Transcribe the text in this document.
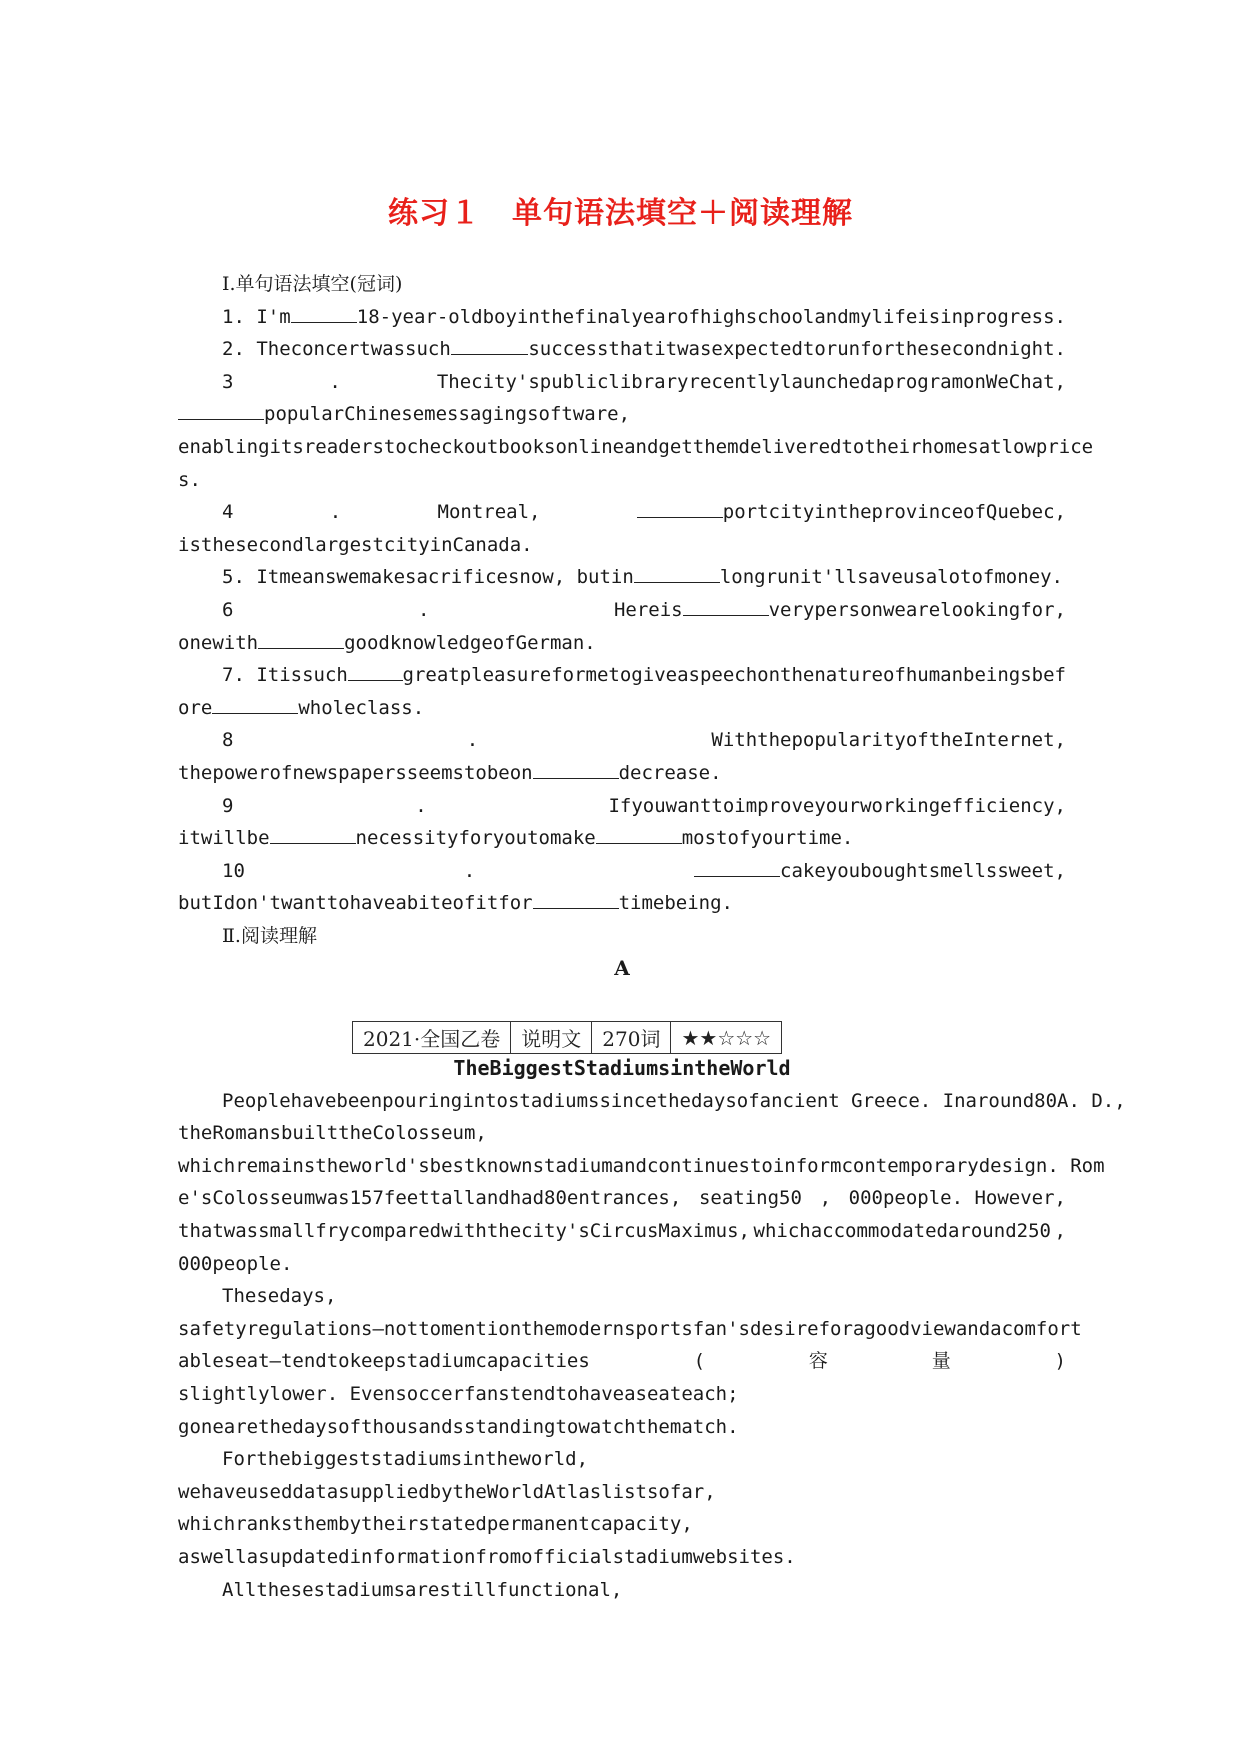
练习１　单句语法填空＋阅读理解
Ⅰ.单句语法填空(冠词)
1. I'm	18-year-oldboyinthefinalyearofhighschoolandmylifeisinprogress.
2. Theconcertwassuch	successthatitwasexpectedtorunforthesecondnight.
3	.	Thecity'spubliclibraryrecentlylaunchedaprogramonWeChat,
popularChinesemessagingsoftware,
enablingitsreaderstocheckoutbooksonlineandgetthemdeliveredtotheirhomesatlowprice
s.
4	.	Montreal,	portcityintheprovinceofQuebec,
isthesecondlargestcityinCanada.
5. Itmeanswemakesacrificesnow, butin	longrunit'llsaveusalotofmoney.
6	.	Hereis	verypersonwearelookingfor,
onewith	goodknowledgeofGerman.
7. Itissuch	greatpleasureformetogiveaspeechonthenatureofhumanbeingsbef
ore	wholeclass.
8	.	WiththepopularityoftheInternet,
thepowerofnewspapersseemstobeon	decrease.
9	.	Ifyouwanttoimproveyourworkingefficiency,
itwillbe	necessityforyoutomake	mostofyourtime.
10	.	cakeyouboughtsmellssweet,
butIdon'twanttohaveabiteofitfor	timebeing.
Ⅱ.阅读理解
A
2021·全国乙卷	说明文	270词	★★☆☆☆
TheBiggestStadiumsintheWorld
Peoplehavebeenpouringintostadiumssincethedaysofancient Greece. Inaround80A. D.,
theRomansbuilttheColosseum,
whichremainstheworld'sbestknownstadiumandcontinuestoinformcontemporarydesign. Rom
e'sColosseumwas157feettallandhad80entrances, seating50 , 000people. However,
thatwassmallfrycomparedwiththecity'sCircusMaximus, whichaccommodatedaround250 ,
000people.
Thesedays,
safetyregulations—nottomentionthemodernsportsfan'sdesireforagoodviewandacomfort
ableseat—tendtokeepstadiumcapacities	(	容	量	)
slightlylower. Evensoccerfanstendtohaveaseateach;
gonearethedaysofthousandsstandingtowatchthematch.
Forthebiggeststadiumsintheworld,
wehaveuseddatasuppliedbytheWorldAtlaslistsofar,
whichranksthembytheirstatedpermanentcapacity,
aswellasupdatedinformationfromofficialstadiumwebsites.
Allthesestadiumsarestillfunctional,
